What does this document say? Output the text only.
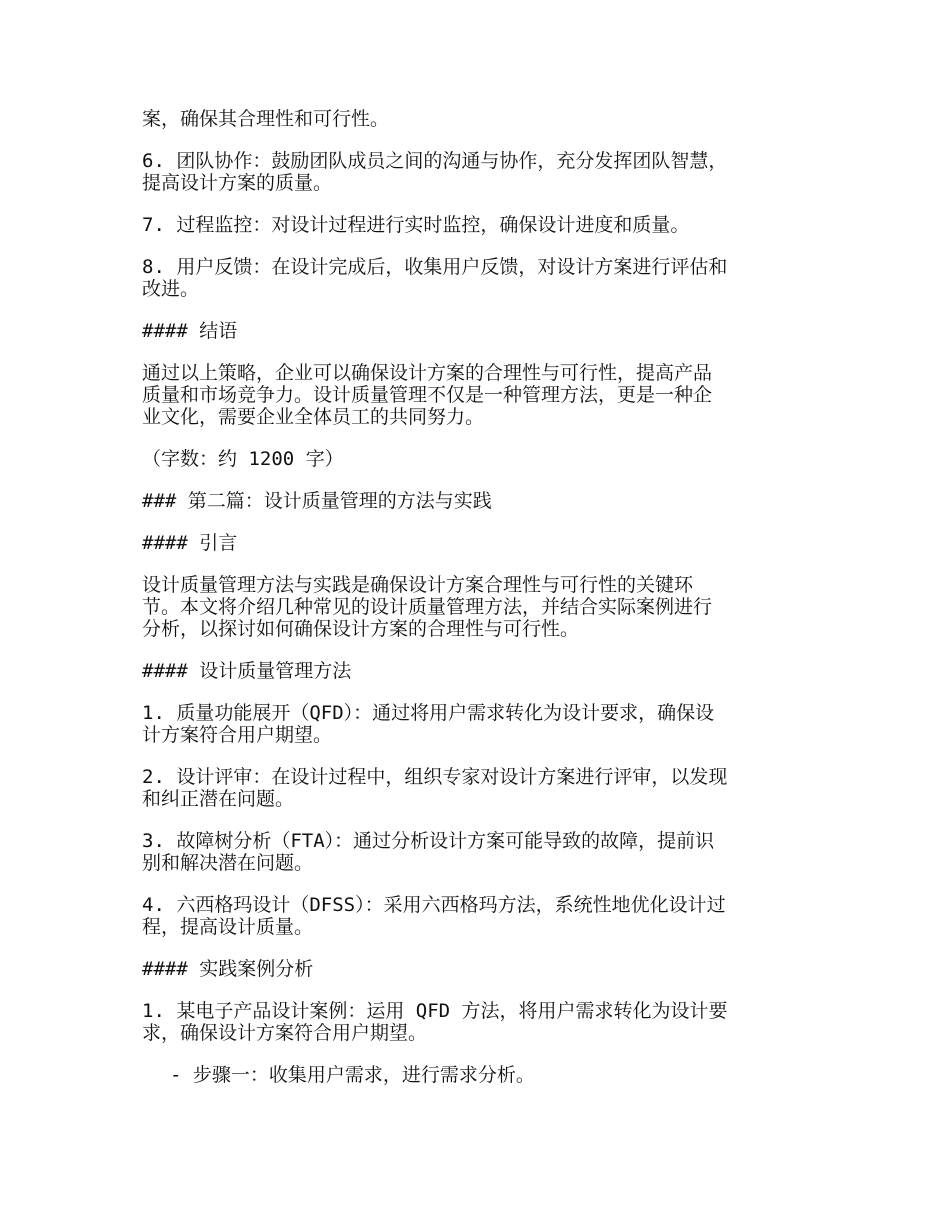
案，确保其合理性和可行性。

6. 团队协作：鼓励团队成员之间的沟通与协作，充分发挥团队智慧，
提高设计方案的质量。

7. 过程监控：对设计过程进行实时监控，确保设计进度和质量。

8. 用户反馈：在设计完成后，收集用户反馈，对设计方案进行评估和
改进。

#### 结语

通过以上策略，企业可以确保设计方案的合理性与可行性，提高产品
质量和市场竞争力。设计质量管理不仅是一种管理方法，更是一种企
业文化，需要企业全体员工的共同努力。

（字数：约 1200 字）

### 第二篇：设计质量管理的方法与实践

#### 引言

设计质量管理方法与实践是确保设计方案合理性与可行性的关键环
节。本文将介绍几种常见的设计质量管理方法，并结合实际案例进行
分析，以探讨如何确保设计方案的合理性与可行性。

#### 设计质量管理方法

1. 质量功能展开（QFD）：通过将用户需求转化为设计要求，确保设
计方案符合用户期望。

2. 设计评审：在设计过程中，组织专家对设计方案进行评审，以发现
和纠正潜在问题。

3. 故障树分析（FTA）：通过分析设计方案可能导致的故障，提前识
别和解决潜在问题。

4. 六西格玛设计（DFSS）：采用六西格玛方法，系统性地优化设计过
程，提高设计质量。

#### 实践案例分析

1. 某电子产品设计案例：运用 QFD 方法，将用户需求转化为设计要
求，确保设计方案符合用户期望。

- 步骤一：收集用户需求，进行需求分析。
